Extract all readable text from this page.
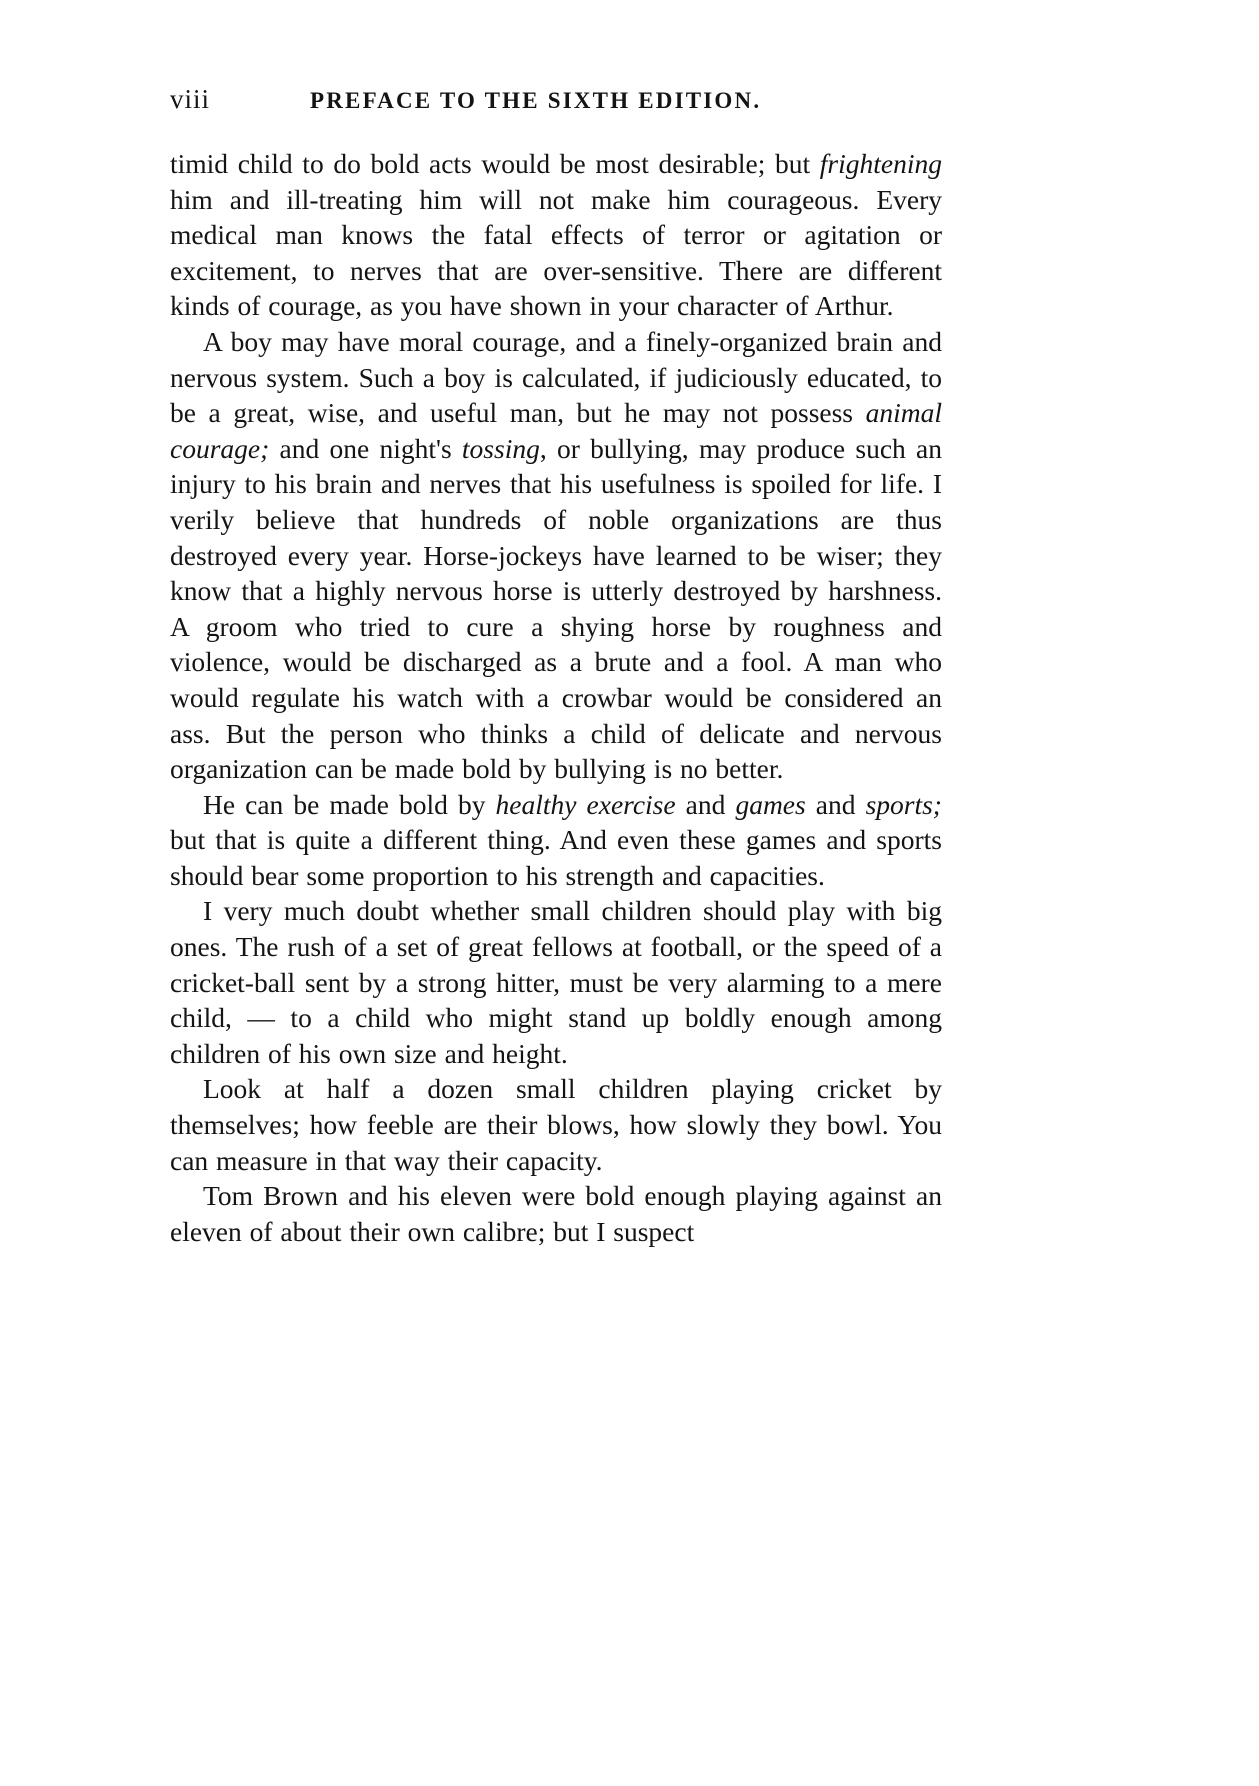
viii	PREFACE TO THE SIXTH EDITION.

timid child to do bold acts would be most desirable; but frightening him and ill-treating him will not make him courageous. Every medical man knows the fatal effects of terror or agitation or excitement, to nerves that are over-sensitive. There are different kinds of courage, as you have shown in your character of Arthur.

A boy may have moral courage, and a finely-organized brain and nervous system. Such a boy is calculated, if judiciously educated, to be a great, wise, and useful man, but he may not possess animal courage; and one night's tossing, or bullying, may produce such an injury to his brain and nerves that his usefulness is spoiled for life. I verily believe that hundreds of noble organizations are thus destroyed every year. Horse-jockeys have learned to be wiser; they know that a highly nervous horse is utterly destroyed by harshness. A groom who tried to cure a shying horse by roughness and violence, would be discharged as a brute and a fool. A man who would regulate his watch with a crowbar would be considered an ass. But the person who thinks a child of delicate and nervous organization can be made bold by bullying is no better.

He can be made bold by healthy exercise and games and sports; but that is quite a different thing. And even these games and sports should bear some proportion to his strength and capacities.

I very much doubt whether small children should play with big ones. The rush of a set of great fellows at football, or the speed of a cricket-ball sent by a strong hitter, must be very alarming to a mere child, — to a child who might stand up boldly enough among children of his own size and height.

Look at half a dozen small children playing cricket by themselves; how feeble are their blows, how slowly they bowl. You can measure in that way their capacity.

Tom Brown and his eleven were bold enough playing against an eleven of about their own calibre; but I suspect
